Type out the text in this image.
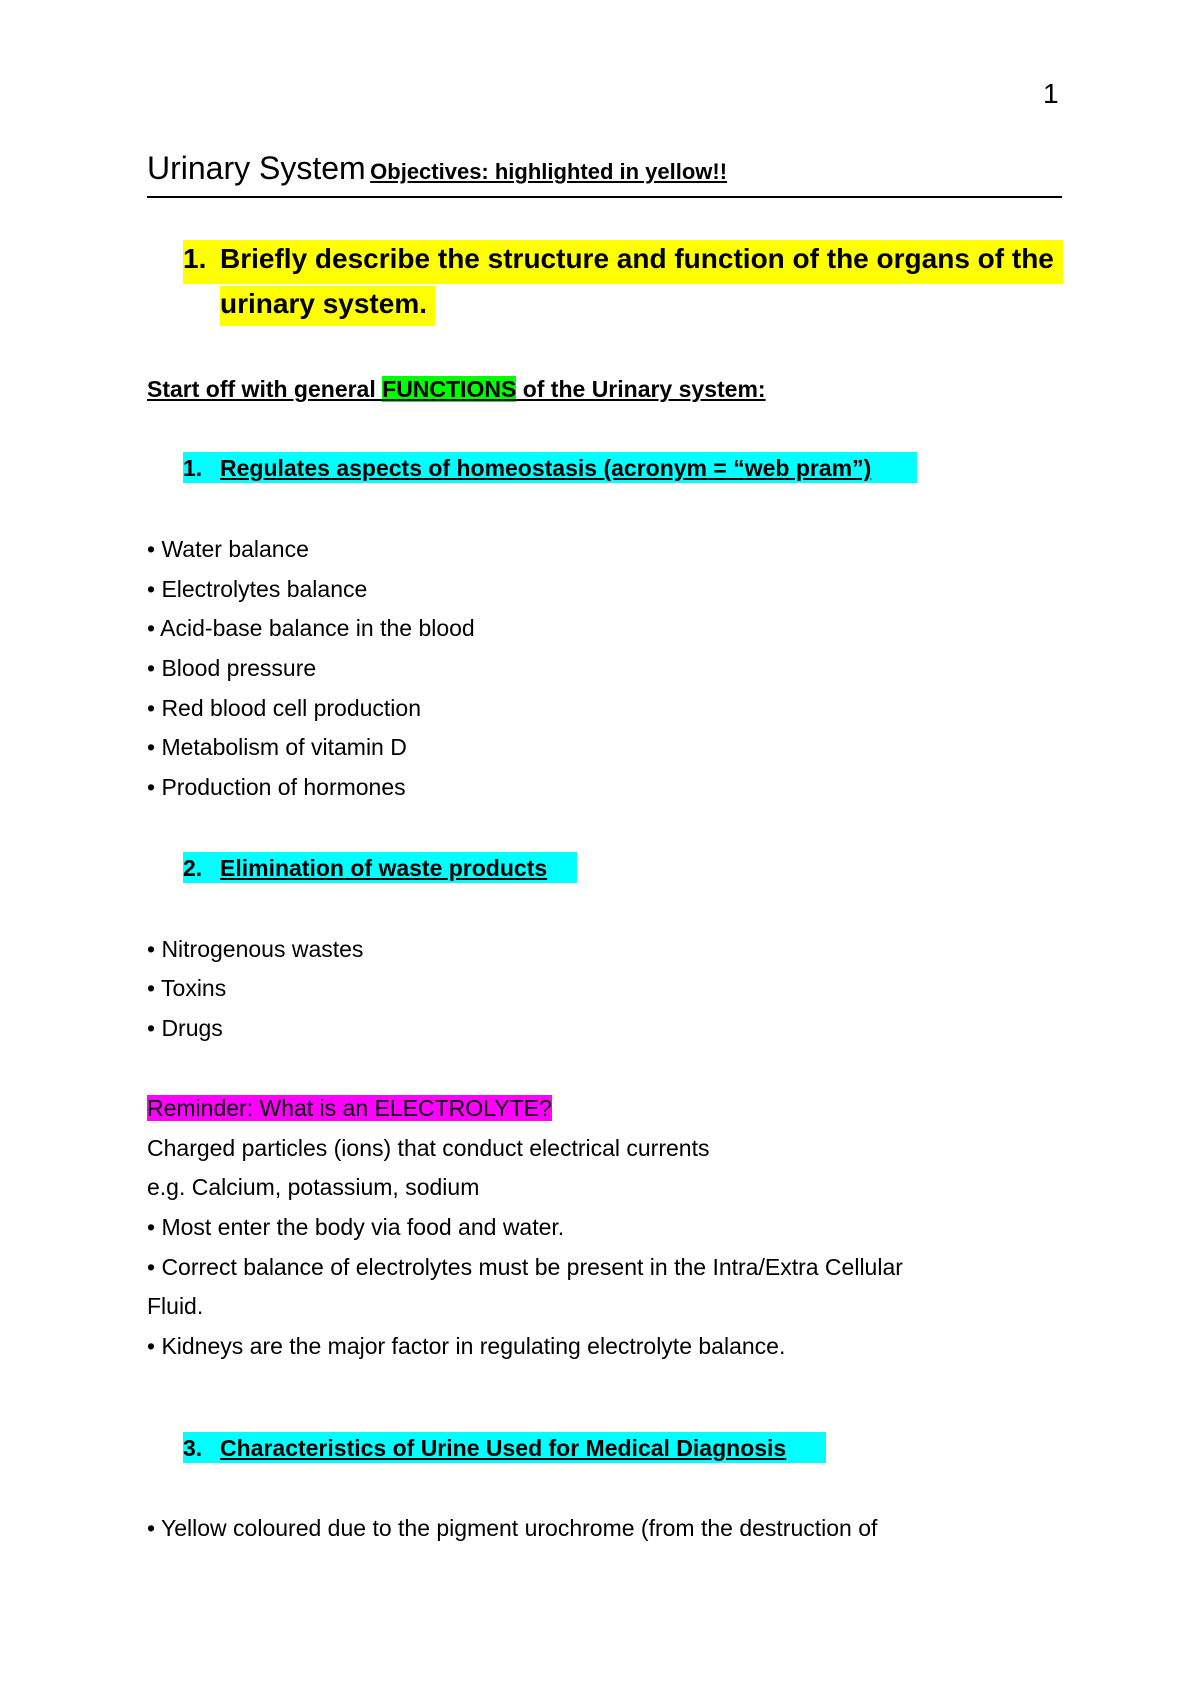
1
Urinary System Objectives: highlighted in yellow!!
1. Briefly describe the structure and function of the organs of the
urinary system.
Start off with general FUNCTIONS of the Urinary system:
1. Regulates aspects of homeostasis (acronym = “web pram”)
• Water balance
• Electrolytes balance
• Acid-base balance in the blood
• Blood pressure
• Red blood cell production
• Metabolism of vitamin D
• Production of hormones
2. Elimination of waste products
• Nitrogenous wastes
• Toxins
• Drugs
Reminder: What is an ELECTROLYTE?
Charged particles (ions) that conduct electrical currents
e.g. Calcium, potassium, sodium
• Most enter the body via food and water.
• Correct balance of electrolytes must be present in the Intra/Extra Cellular
Fluid.
• Kidneys are the major factor in regulating electrolyte balance.
3. Characteristics of Urine Used for Medical Diagnosis
• Yellow coloured due to the pigment urochrome (from the destruction of
